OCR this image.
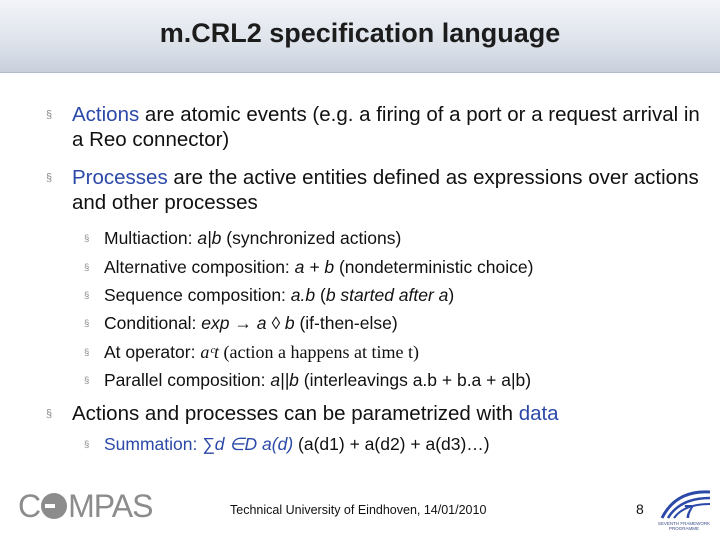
m.CRL2 specification language
§ Actions are atomic events (e.g. a firing of a port or a request arrival in a Reo connector)
§ Processes are the active entities defined as expressions over actions and other processes
§ Multiaction: a|b (synchronized actions)
§ Alternative composition: a + b (nondeterministic choice)
§ Sequence composition: a.b (b started after a)
§ Conditional: exp → a ◊ b (if-then-else)
§ At operator: aᶜt (action a happens at time t)
§ Parallel composition: a||b (interleavings a.b + b.a + a|b)
§ Actions and processes can be parametrized with data
§ Summation: ∑d ∈D a(d) (a(d1) + a(d2) + a(d3)…)
C MPAS	Technical University of Eindhoven, 14/01/2010	8 7
SEVENTH FRAMEWORK PROGRAMME
